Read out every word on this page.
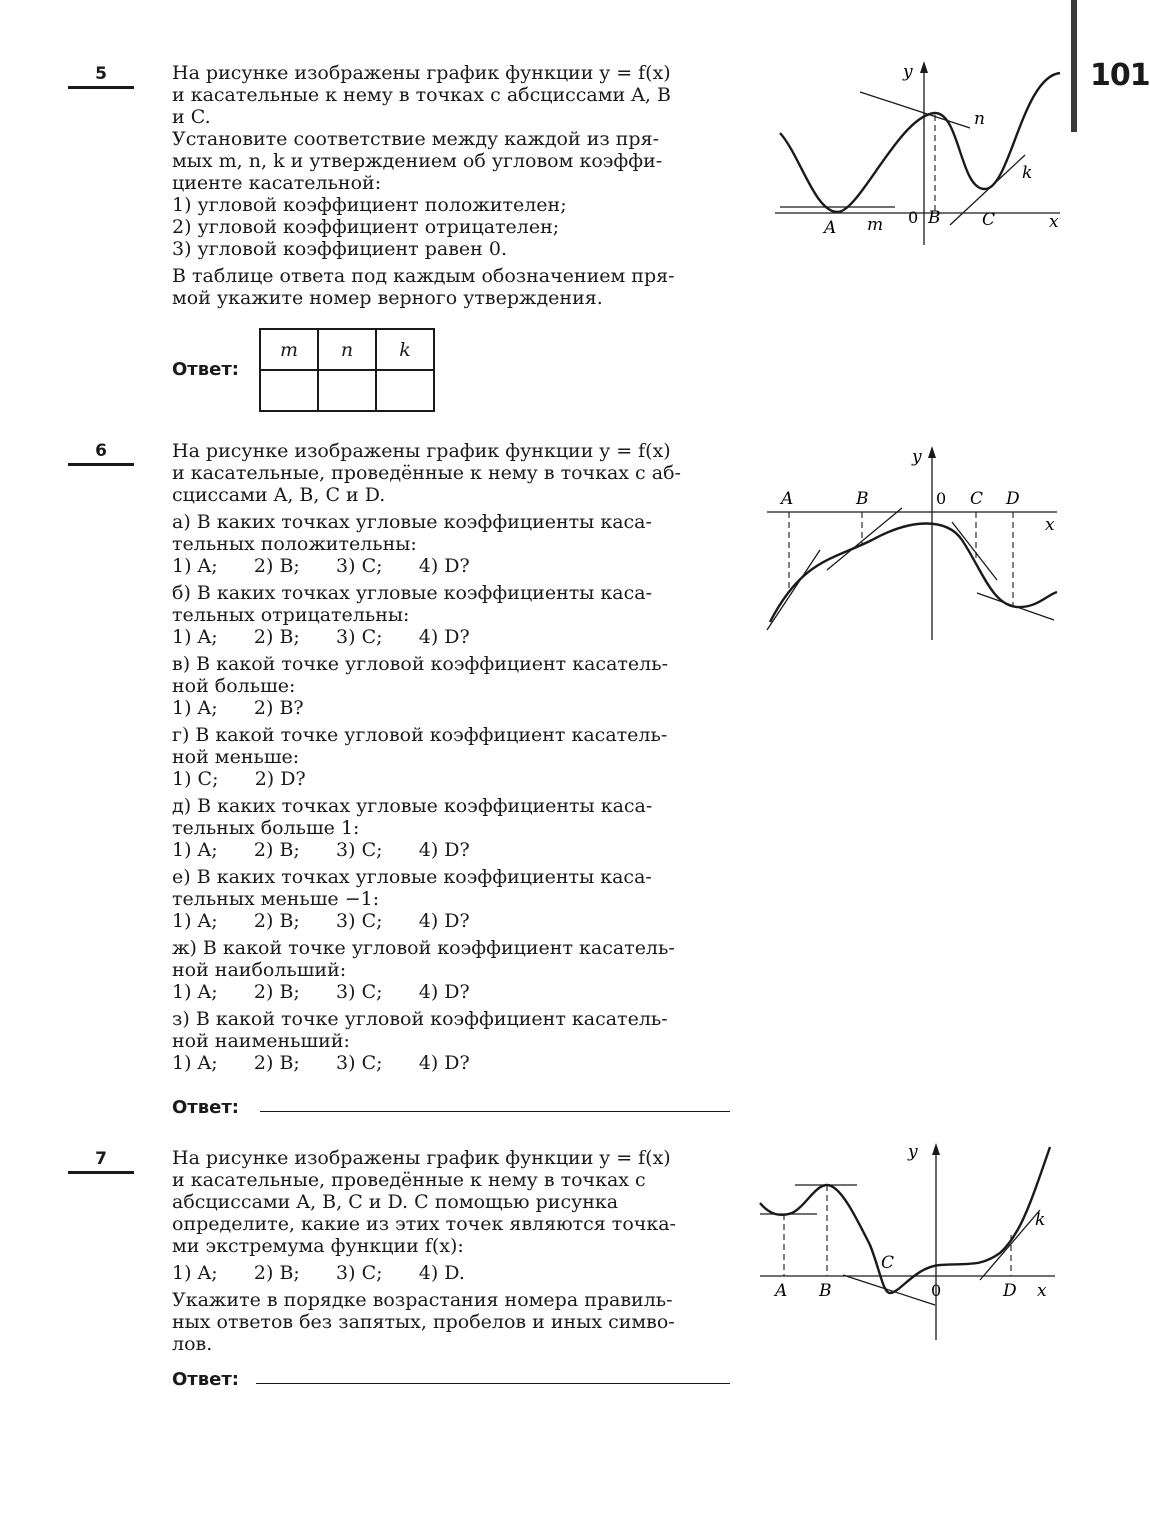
101
5	На рисунке изображены график функции y = f(x)
и касательные к нему в точках с абсциссами A, B
и C.
Установите соответствие между каждой из пря-
мых m, n, k и утверждением об угловом коэффи-
циенте касательной:
1) угловой коэффициент положителен;
2) угловой коэффициент отрицателен;
3) угловой коэффициент равен 0.
В таблице ответа под каждым обозначением пря-
мой укажите номер верного утверждения.
Ответ:
m	n	k

y
x
0
A	B C
m
n
k
6	На рисунке изображены график функции y = f(x)
и касательные, проведённые к нему в точках с аб-
сциссами A, B, C и D.
а) В каких точках угловые коэффициенты каса-
тельных положительны:
1) A;      2) B;      3) C;      4) D?
б) В каких точках угловые коэффициенты каса-
тельных отрицательны:
1) A;      2) B;      3) C;      4) D?
в) В какой точке угловой коэффициент касатель-
ной больше:
1) A;      2) B?
г) В какой точке угловой коэффициент касатель-
ной меньше:
1) C;      2) D?
д) В каких точках угловые коэффициенты каса-
тельных больше 1:
1) A;      2) B;      3) C;      4) D?
е) В каких точках угловые коэффициенты каса-
тельных меньше −1:
1) A;      2) B;      3) C;      4) D?
ж) В какой точке угловой коэффициент касатель-
ной наибольший:
1) A;      2) B;      3) C;      4) D?
з) В какой точке угловой коэффициент касатель-
ной наименьший:
1) A;      2) B;      3) C;      4) D?
Ответ:
y
x
0
A	B	C D
7	На рисунке изображены график функции y = f(x)
и касательные, проведённые к нему в точках с
абсциссами A, B, C и D. С помощью рисунка
определите, какие из этих точек являются точка-
ми экстремума функции f(x):
1) A;      2) B;      3) C;      4) D.
Укажите в порядке возрастания номера правиль-
ных ответов без запятых, пробелов и иных симво-
лов.
Ответ:
y
x
0
A B
C
D
k
